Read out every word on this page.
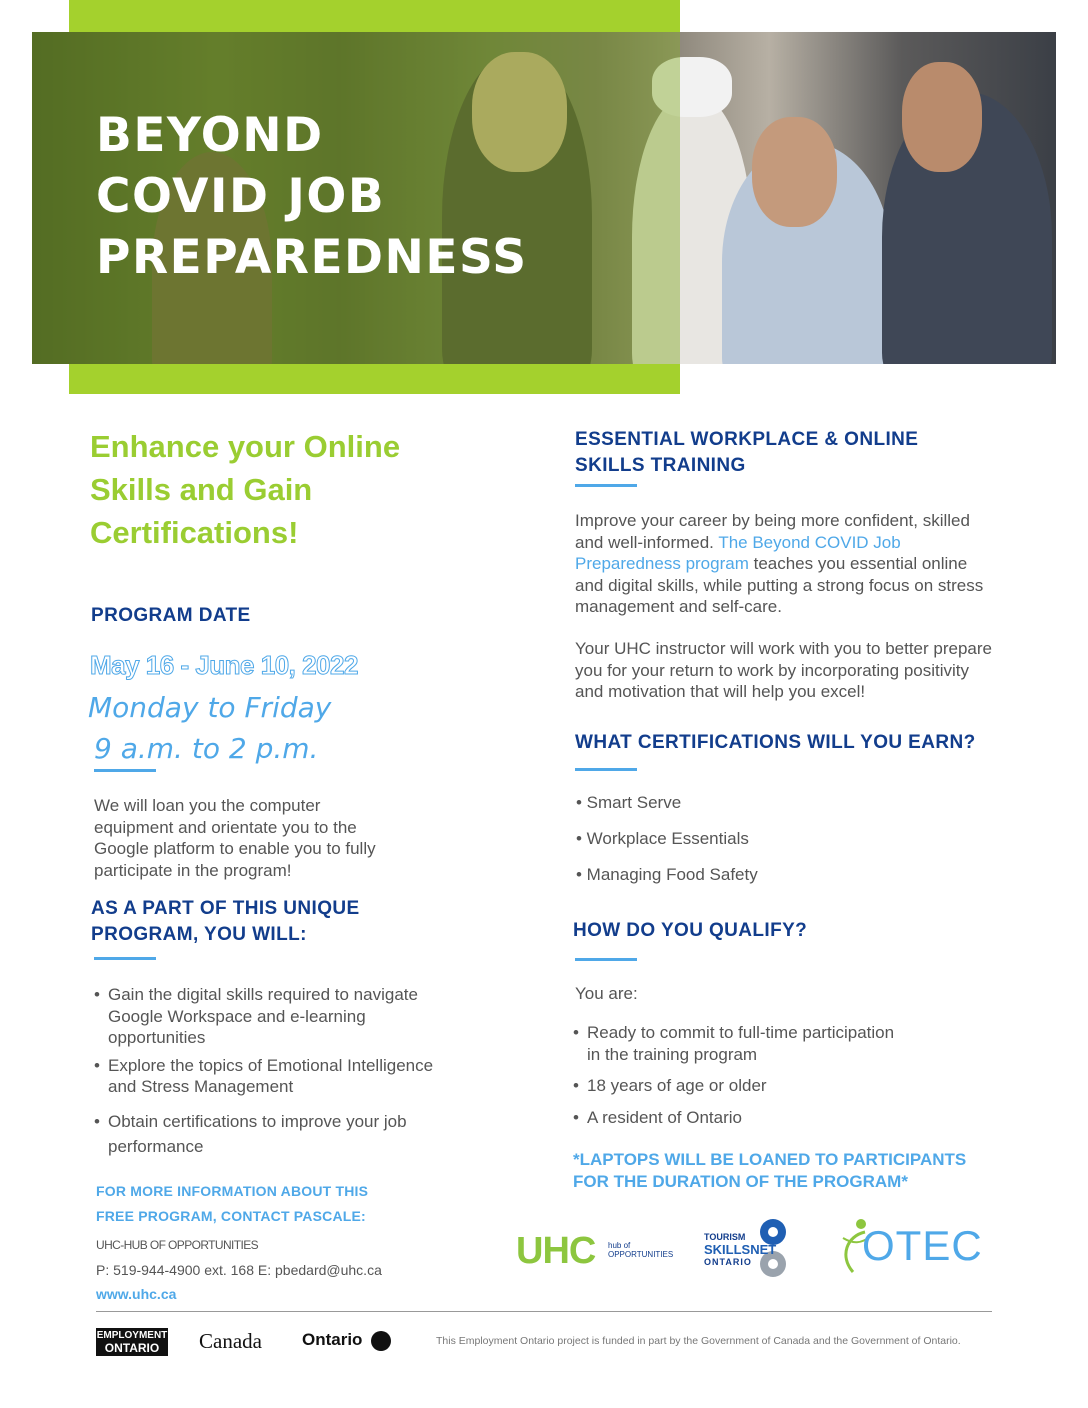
BEYOND
COVID JOB
PREPAREDNESS
Enhance your Online
Skills and Gain
Certifications!
PROGRAM DATE
May 16 - June 10, 2022
Monday to Friday
9 a.m. to 2 p.m.
We will loan you the computer
equipment and orientate you to the
Google platform to enable you to fully
participate in the program!
AS A PART OF THIS UNIQUE
PROGRAM, YOU WILL:
• Gain the digital skills required to navigate
Google Workspace and e-learning
opportunities
• Explore the topics of Emotional Intelligence
and Stress Management
• Obtain certifications to improve your job
performance
FOR MORE INFORMATION ABOUT THIS
FREE PROGRAM, CONTACT PASCALE:
UHC-HUB OF OPPORTUNITIES
P: 519-944-4900 ext. 168 E: pbedard@uhc.ca
www.uhc.ca
ESSENTIAL WORKPLACE & ONLINE
SKILLS TRAINING
Improve your career by being more confident, skilled and well-informed. The Beyond COVID Job Preparedness program teaches you essential online and digital skills, while putting a strong focus on stress management and self-care.
Your UHC instructor will work with you to better prepare you for your return to work by incorporating positivity and motivation that will help you excel!
WHAT CERTIFICATIONS WILL YOU EARN?
• Smart Serve
• Workplace Essentials
• Managing Food Safety
HOW DO YOU QUALIFY?
You are:
• Ready to commit to full-time participation
in the training program
• 18 years of age or older
• A resident of Ontario
*LAPTOPS WILL BE LOANED TO PARTICIPANTS
FOR THE DURATION OF THE PROGRAM*
UHC hub of
OPPORTUNITIES
TOURISM
SKILLSNET
ONTARIO	OTEC
EMPLOYMENT
ONTARIO	Canada Ontario	This Employment Ontario project is funded in part by the Government of Canada and the Government of Ontario.
